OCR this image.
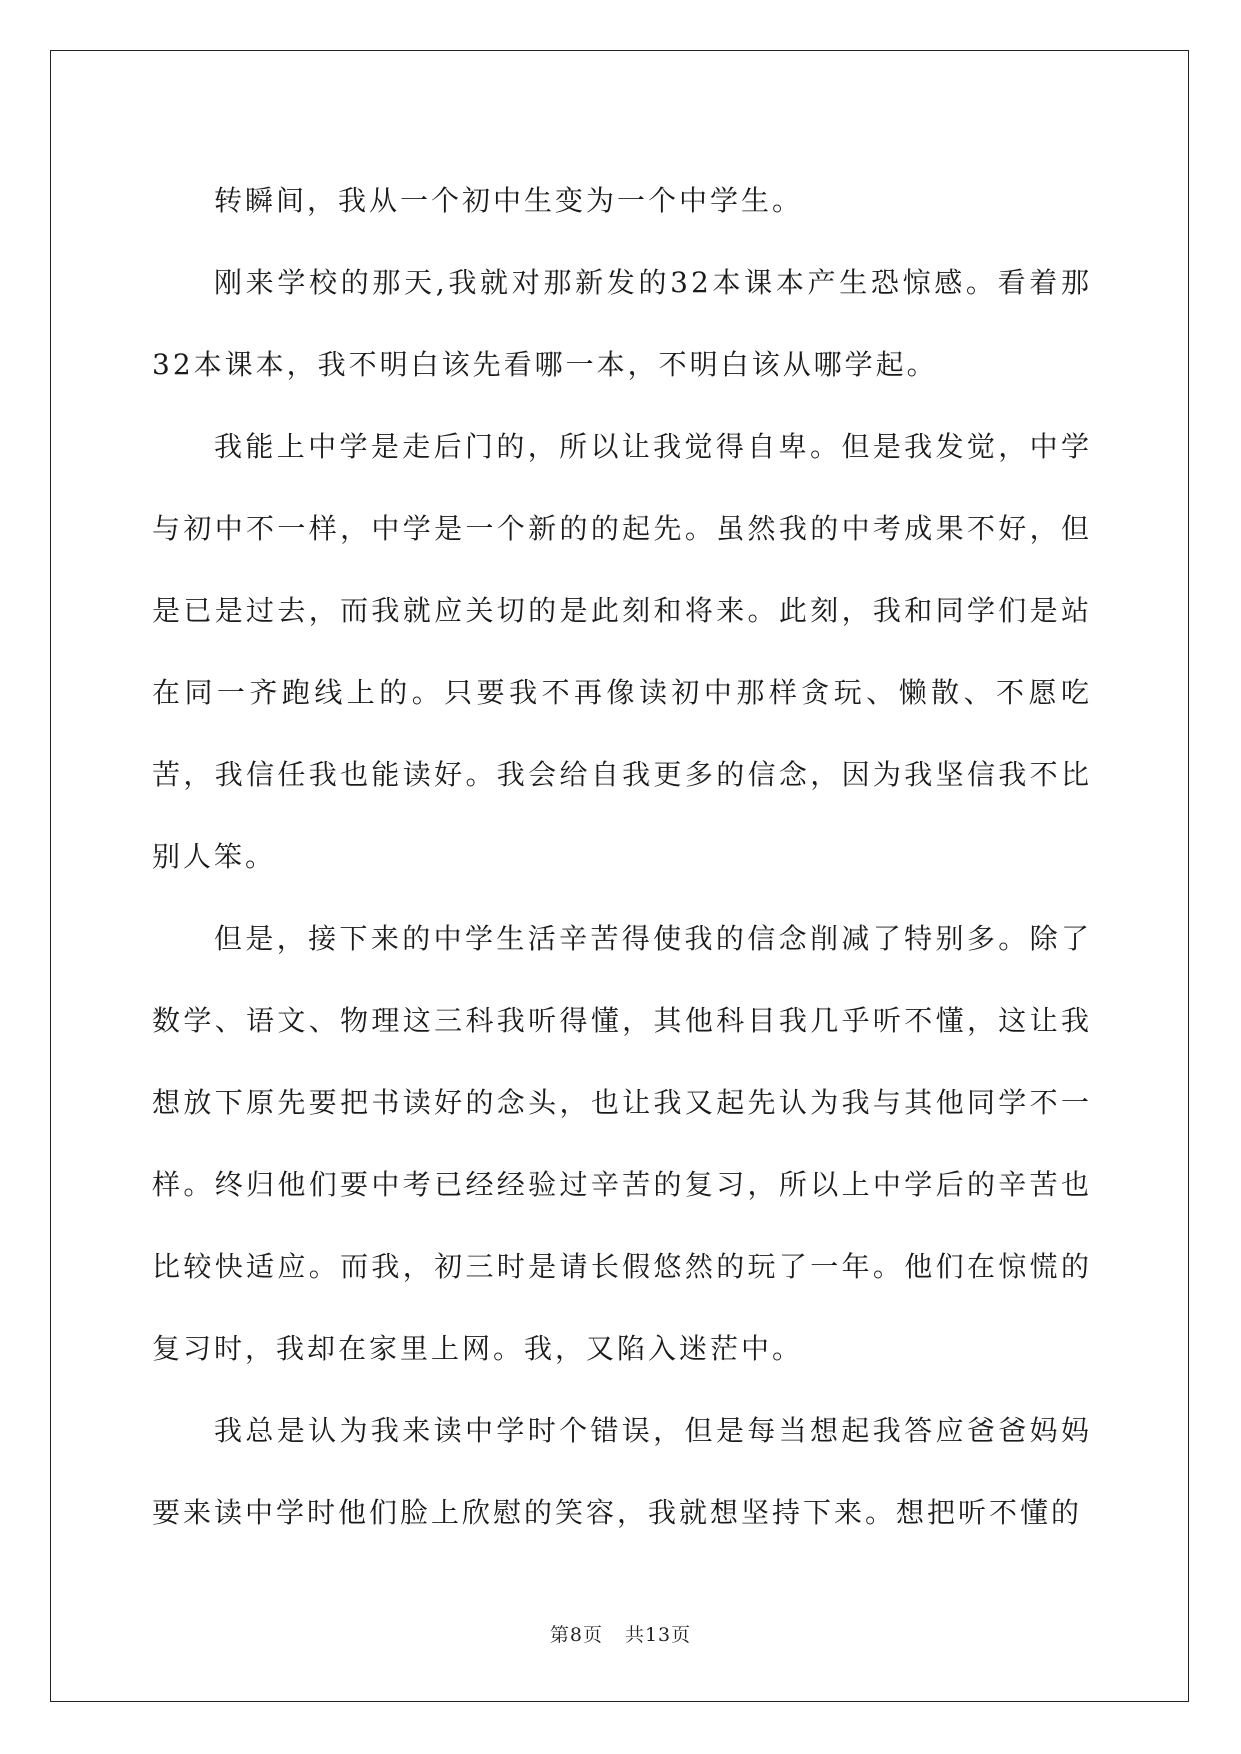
转瞬间，我从一个初中生变为一个中学生。

刚来学校的那天,我就对那新发的32本课本产生恐惊感。看着那32本课本，我不明白该先看哪一本，不明白该从哪学起。

我能上中学是走后门的，所以让我觉得自卑。但是我发觉，中学与初中不一样，中学是一个新的的起先。虽然我的中考成果不好，但是已是过去，而我就应关切的是此刻和将来。此刻，我和同学们是站在同一齐跑线上的。只要我不再像读初中那样贪玩、懒散、不愿吃苦，我信任我也能读好。我会给自我更多的信念，因为我坚信我不比别人笨。

但是，接下来的中学生活辛苦得使我的信念削减了特别多。除了数学、语文、物理这三科我听得懂，其他科目我几乎听不懂，这让我想放下原先要把书读好的念头，也让我又起先认为我与其他同学不一样。终归他们要中考已经经验过辛苦的复习，所以上中学后的辛苦也比较快适应。而我，初三时是请长假悠然的玩了一年。他们在惊慌的复习时，我却在家里上网。我，又陷入迷茫中。

我总是认为我来读中学时个错误，但是每当想起我答应爸爸妈妈要来读中学时他们脸上欣慰的笑容，我就想坚持下来。想把听不懂的

第8页 共13页
